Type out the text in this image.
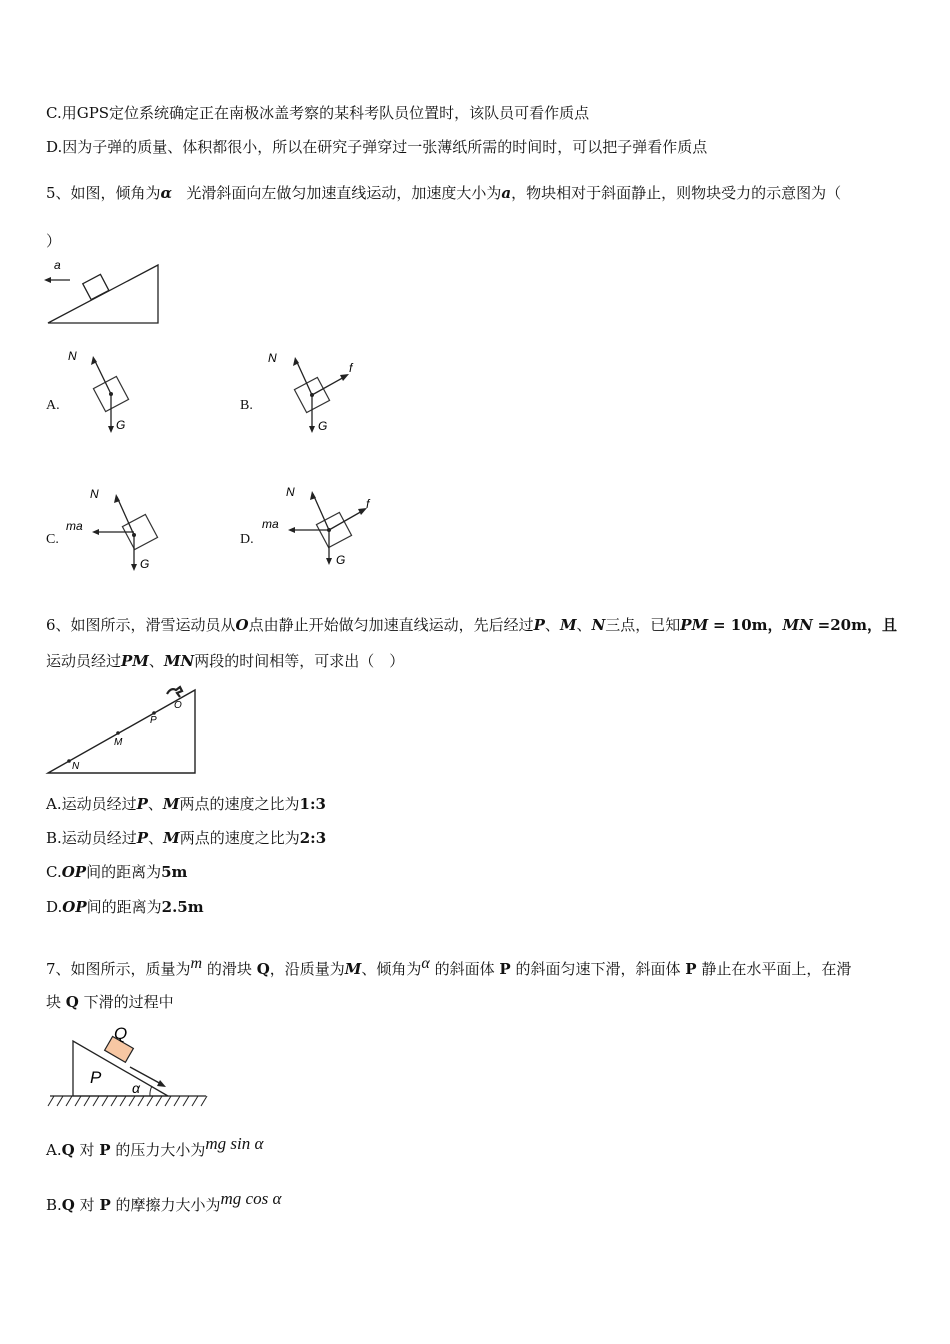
C.用GPS定位系统确定正在南极冰盖考察的某科考队员位置时，该队员可看作质点
D.因为子弹的质量、体积都很小，所以在研究子弹穿过一张薄纸所需的时间时，可以把子弹看作质点
5、如图，倾角为α 光滑斜面向左做匀加速直线运动，加速度大小为a，物块相对于斜面静止，则物块受力的示意图为（
）
a
A.
N
G
B.
N
G
f
C.
N
G
ma
D.
N
G
ma
f
6、如图所示，滑雪运动员从O点由静止开始做匀加速直线运动，先后经过P、M、N三点，已知PM = 10m，MN =20m，且
运动员经过PM、MN两段的时间相等，可求出（　）
O
P
M
N
A.运动员经过P、M两点的速度之比为1:3
B.运动员经过P、M两点的速度之比为2:3
C.OP间的距离为5m
D.OP间的距离为2.5m
7、如图所示，质量为$^m$ 的滑块 Q，沿质量为M、倾角为$^\alpha$ 的斜面体 P 的斜面匀速下滑，斜面体 P 静止在水平面上，在滑
块 Q 下滑的过程中
Q
P
α
A.Q 对 P 的压力大小为$^{mg sin \alpha}$
B.Q 对 P 的摩擦力大小为$^{mg cos \alpha}$
